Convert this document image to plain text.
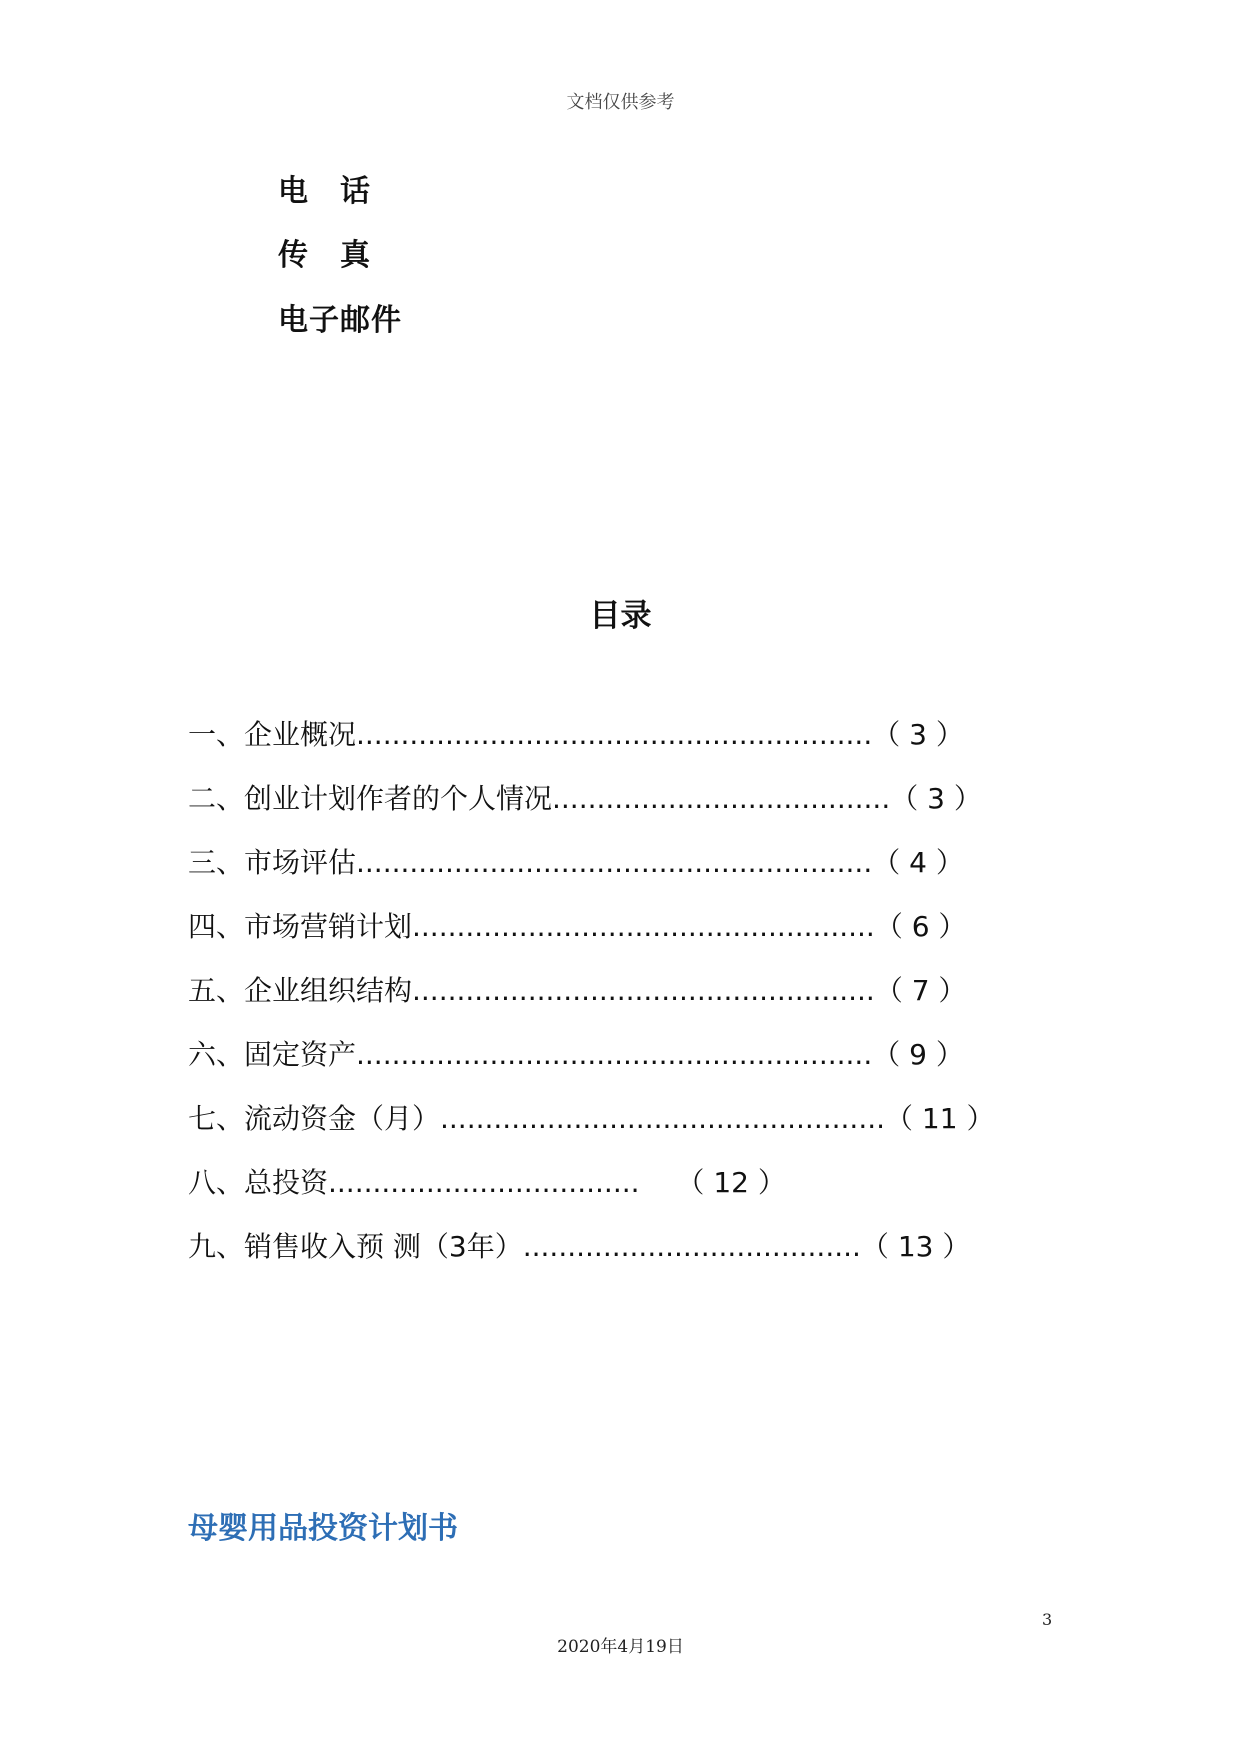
文档仅供参考
电话
传真
电子邮件
目录
一、企业概况..........................................................（ 3 ）
二、创业计划作者的个人情况......................................（ 3 ）
三、市场评估..........................................................（ 4 ）
四、市场营销计划....................................................（ 6 ）
五、企业组织结构....................................................（ 7 ）
六、固定资产..........................................................（ 9 ）
七、流动资金（月）..................................................（ 11 ）
八、总投资...................................　 （ 12 ）
九、销售收入预 测（3年）......................................（ 13 ）
母婴用品投资计划书
3
2020年4月19日
